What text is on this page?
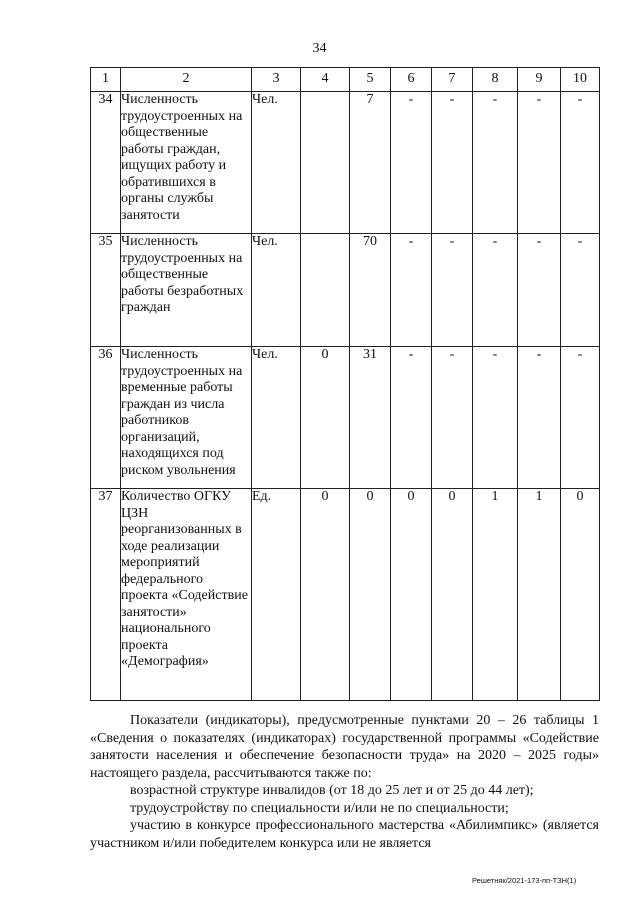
34
1	2	3	4	5	6	7	8	9	10
34	Численность трудоустроенных на общественные работы граждан, ищущих работу и обратившихся в органы службы занятости	Чел.		7	-	-	-	-	-
35	Численность трудоустроенных на общественные работы безработных граждан	Чел.		70	-	-	-	-	-
36	Численность трудоустроенных на временные работы граждан из числа работников организаций, находящихся под риском увольнения	Чел.	0	31	-	-	-	-	-
37	Количество ОГКУ ЦЗН реорганизованных в ходе реализации мероприятий федерального проекта «Содействие занятости» национального проекта «Демография»	Ед.	0	0	0	0	1	1	0
Показатели (индикаторы), предусмотренные пунктами 20 – 26 таблицы 1 «Сведения о показателях (индикаторах) государственной программы «Содействие занятости населения и обеспечение безопасности труда» на 2020 – 2025 годы» настоящего раздела, рассчитываются также по:
возрастной структуре инвалидов (от 18 до 25 лет и от 25 до 44 лет);
трудоустройству по специальности и/или не по специальности;
участию в конкурсе профессионального мастерства «Абилимпикс» (является участником и/или победителем конкурса или не является
Решетняк/2021-173-пп-ТЗН(1)
